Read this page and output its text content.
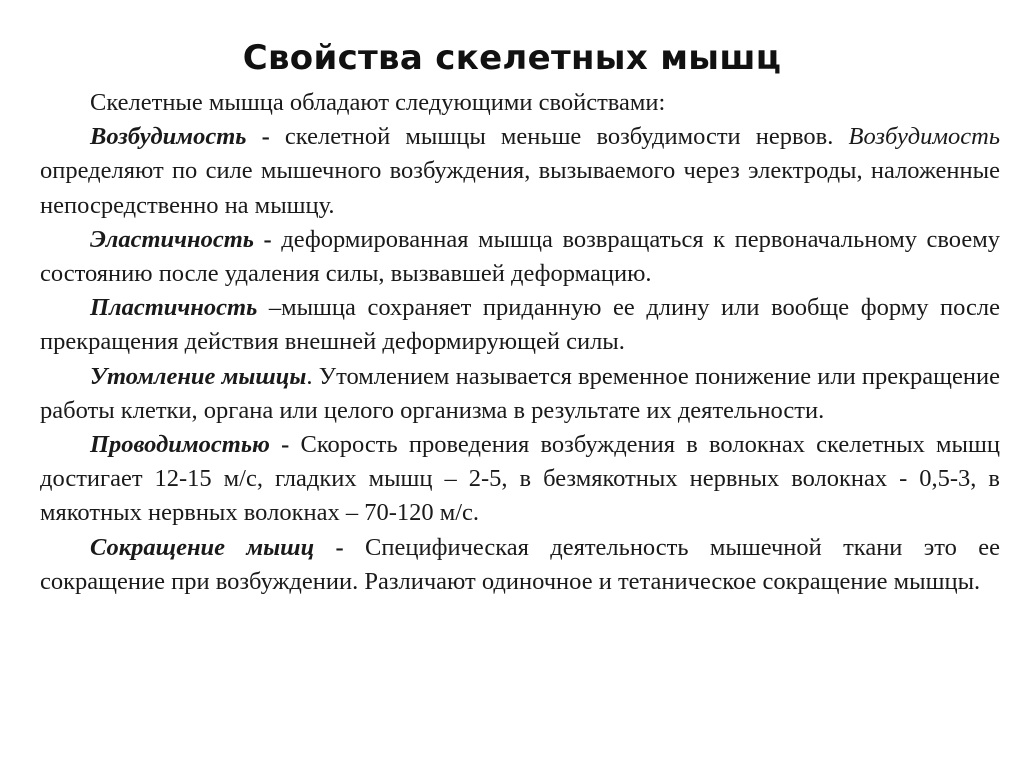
Свойства скелетных мышц

Скелетные мышца обладают следующими свойствами:

Возбудимость - скелетной мышцы меньше возбудимости нервов. Возбудимость определяют по силе мышечного возбуждения, вызываемого через электроды, наложенные непосредственно на мышцу.

Эластичность - деформированная мышца возвращаться к первоначальному своему состоянию после удаления силы, вызвавшей деформацию.

Пластичность –мышца сохраняет приданную ее длину или вообще форму после прекращения действия внешней деформирующей силы.

Утомление мышцы. Утомлением называется временное понижение или прекращение работы клетки, органа или целого организма в результате их деятельности.

Проводимостью - Скорость проведения возбуждения в волокнах скелетных мышц достигает 12-15 м/с, гладких мышц – 2-5, в безмякотных нервных волокнах - 0,5-3, в мякотных нервных волокнах – 70-120 м/с.

Сокращение мышц - Специфическая деятельность мышечной ткани это ее сокращение при возбуждении. Различают одиночное и тетаническое сокращение мышцы.
